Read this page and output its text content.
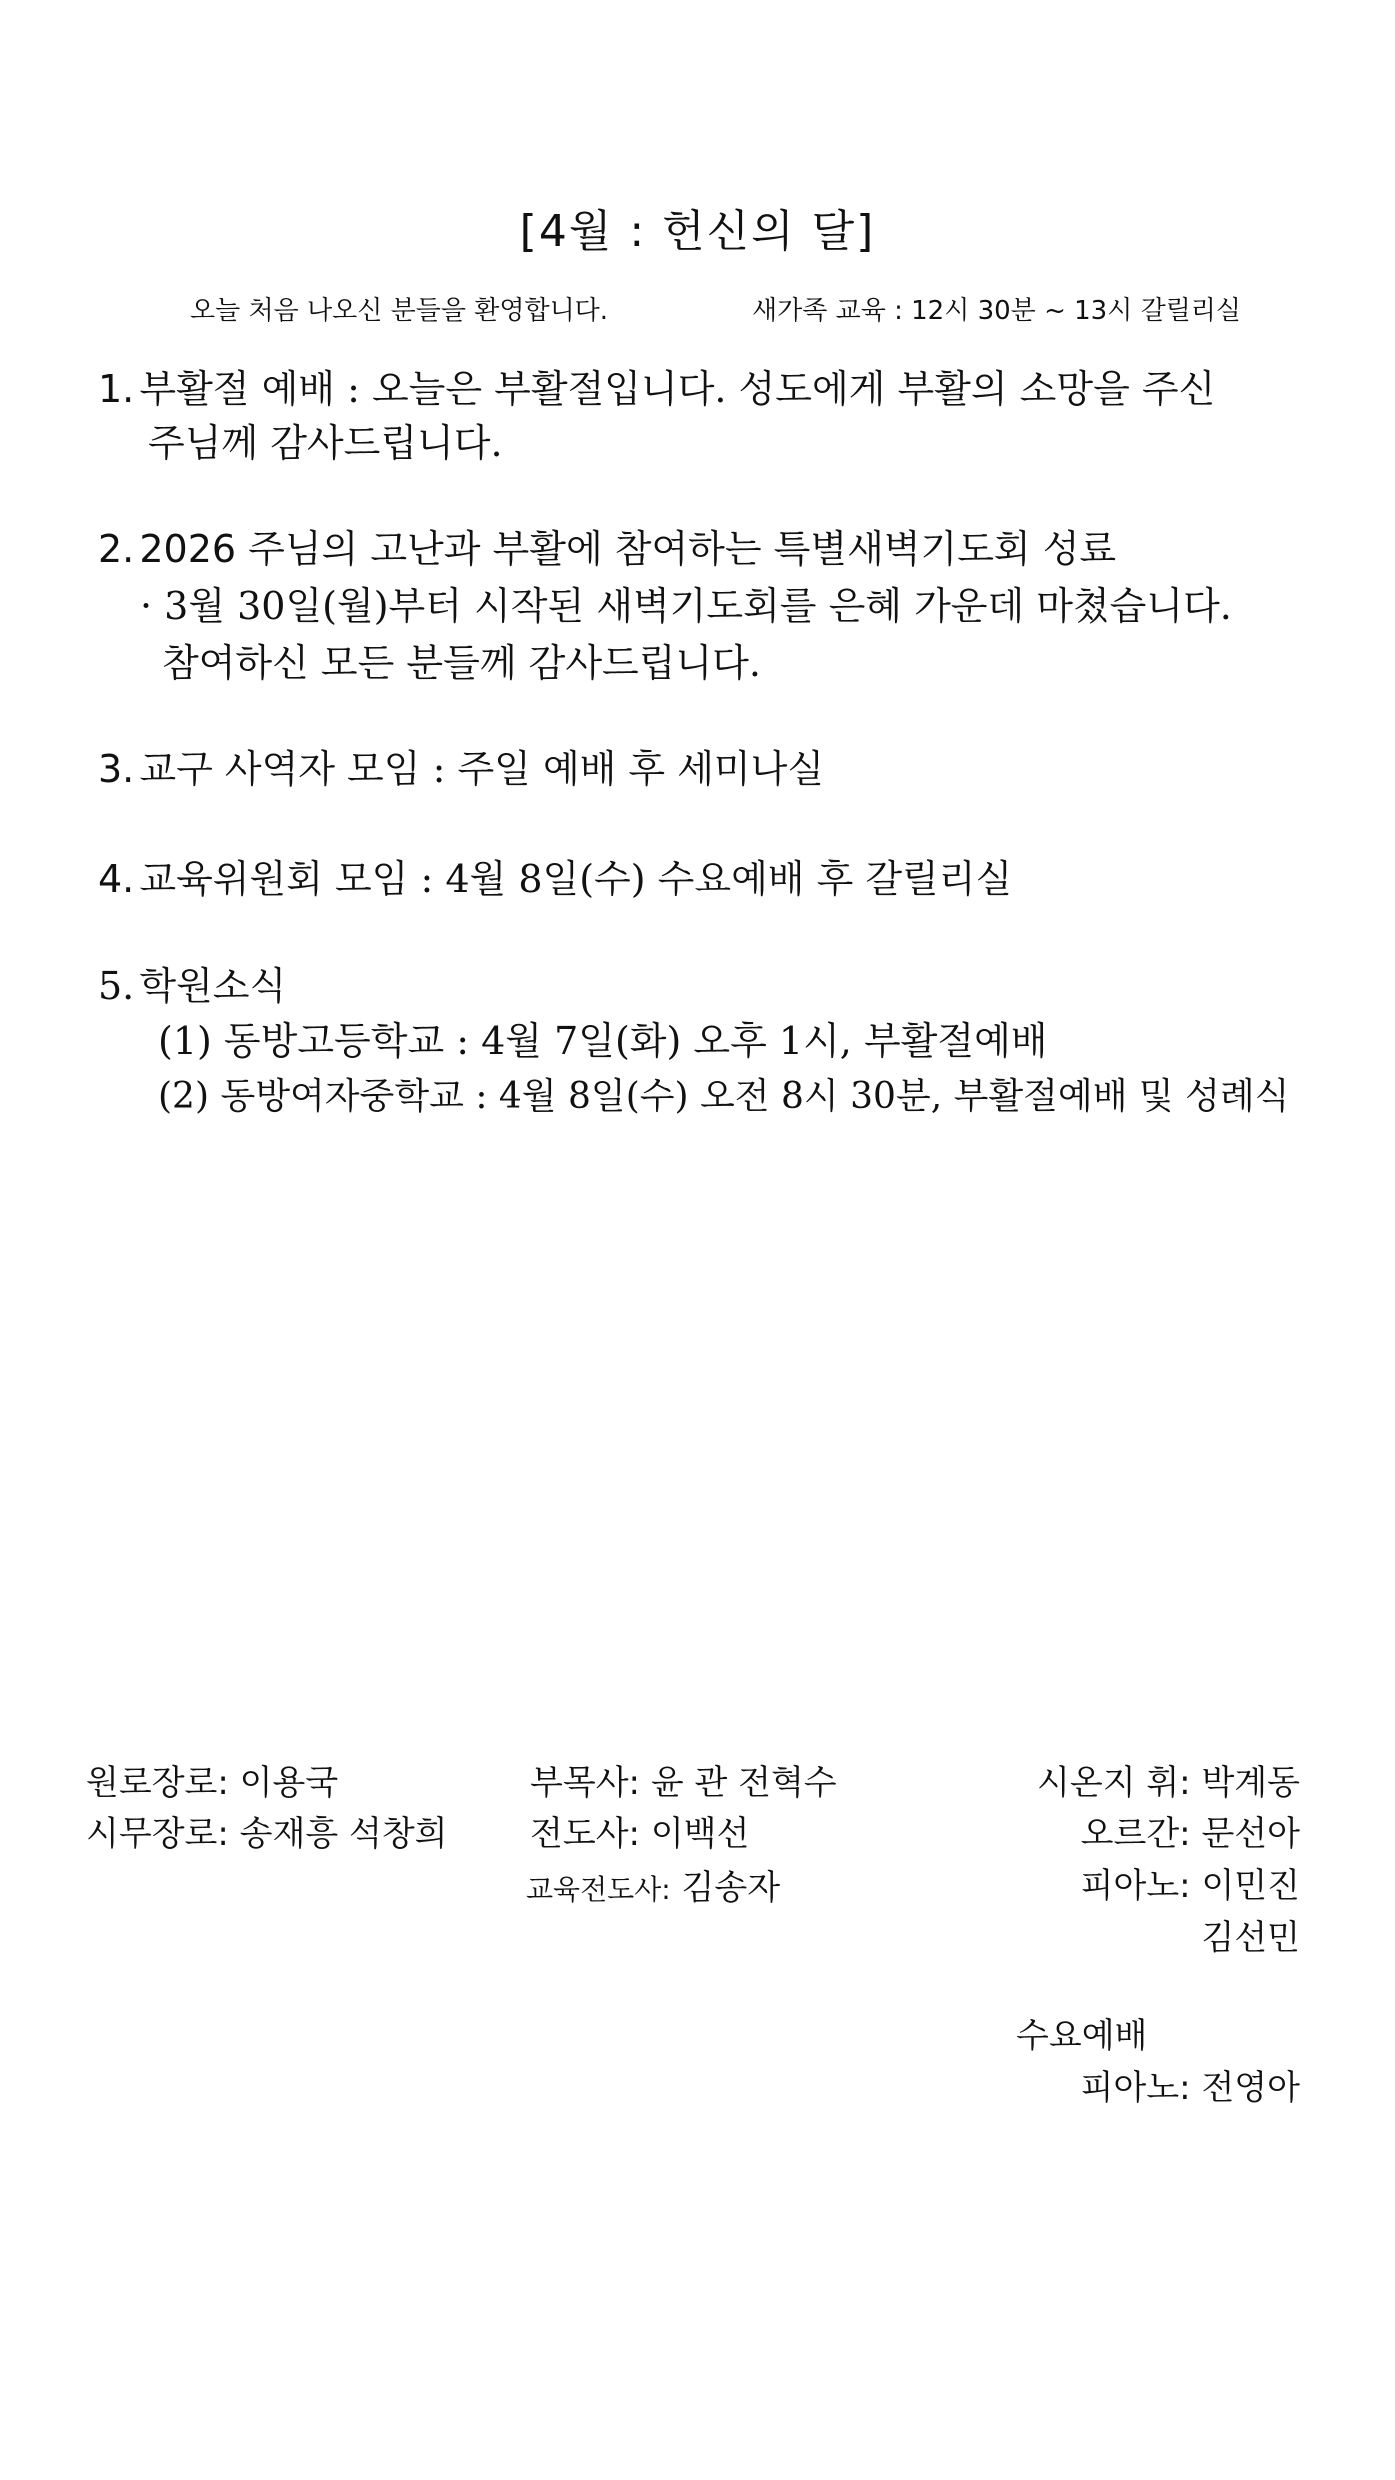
[4월 : 헌신의 달]
오늘 처음 나오신 분들을 환영합니다.	새가족 교육 : 12시 30분 ~ 13시 갈릴리실
1. 부활절 예배 : 오늘은 부활절입니다. 성도에게 부활의 소망을 주신
주님께 감사드립니다.
2. 2026 주님의 고난과 부활에 참여하는 특별새벽기도회 성료
· 3월 30일(월)부터 시작된 새벽기도회를 은혜 가운데 마쳤습니다.
참여하신 모든 분들께 감사드립니다.
3. 교구 사역자 모임 : 주일 예배 후 세미나실
4. 교육위원회 모임 : 4월 8일(수) 수요예배 후 갈릴리실
5. 학원소식
(1) 동방고등학교 : 4월 7일(화) 오후 1시, 부활절예배
(2) 동방여자중학교 : 4월 8일(수) 오전 8시 30분, 부활절예배 및 성례식
원로장로: 이용국
시무장로: 송재흥 석창희
부목사: 윤 관 전혁수
전도사: 이백선
교육전도사: 김송자
시온지 휘: 박계동
오르간: 문선아
피아노: 이민진
김선민
수요예배
피아노: 전영아
